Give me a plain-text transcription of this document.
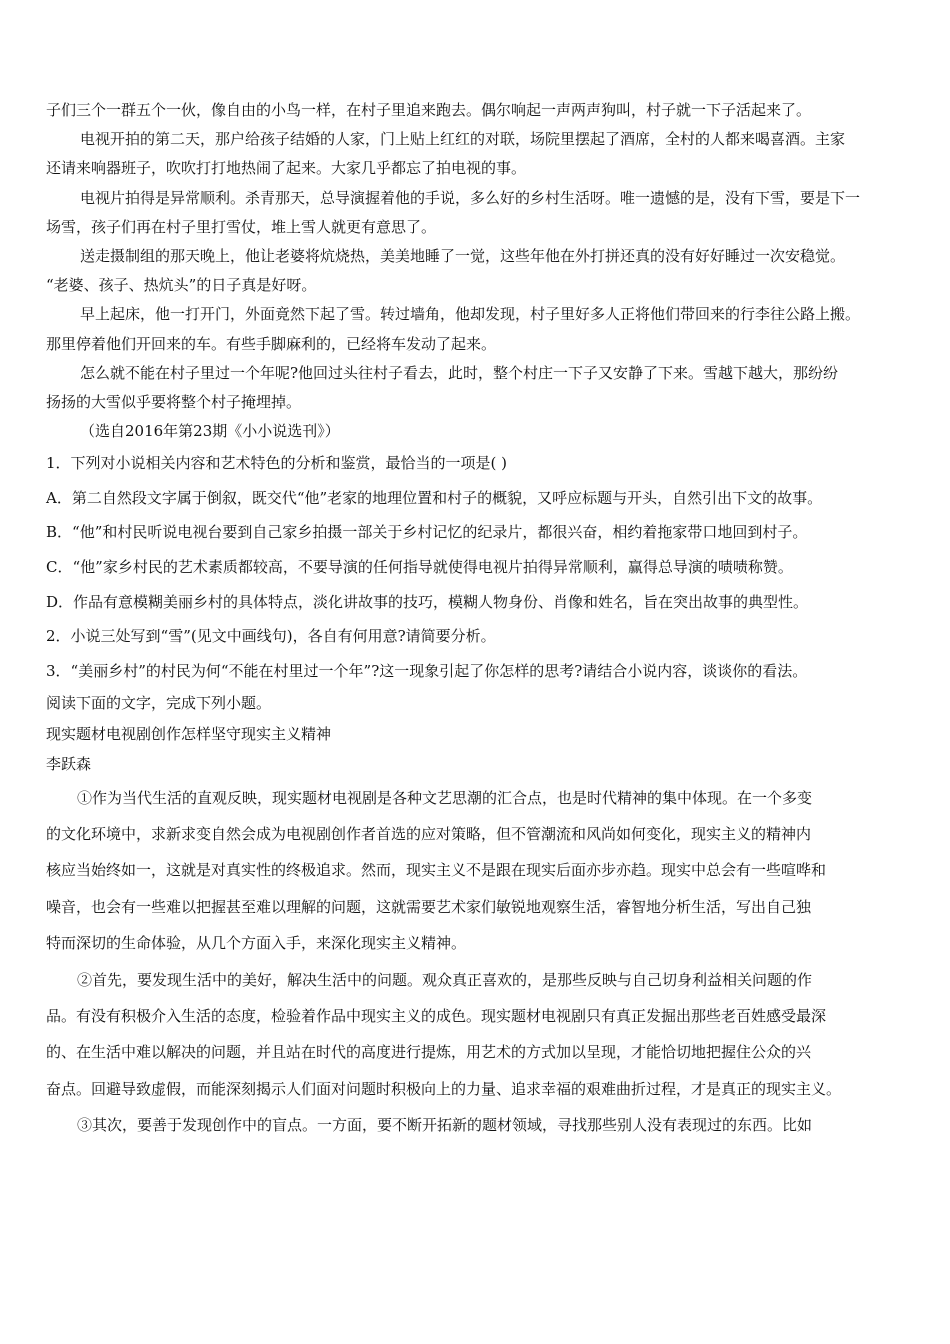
子们三个一群五个一伙，像自由的小鸟一样，在村子里追来跑去。偶尔响起一声两声狗叫，村子就一下子活起来了。
电视开拍的第二天，那户给孩子结婚的人家，门上贴上红红的对联，场院里摆起了酒席，全村的人都来喝喜酒。主家
还请来响器班子，吹吹打打地热闹了起来。大家几乎都忘了拍电视的事。
电视片拍得是异常顺利。杀青那天，总导演握着他的手说，多么好的乡村生活呀。唯一遗憾的是，没有下雪，要是下一
场雪，孩子们再在村子里打雪仗，堆上雪人就更有意思了。
送走摄制组的那天晚上，他让老婆将炕烧热，美美地睡了一觉，这些年他在外打拼还真的没有好好睡过一次安稳觉。
“老婆、孩子、热炕头”的日子真是好呀。
早上起床，他一打开门，外面竟然下起了雪。转过墙角，他却发现，村子里好多人正将他们带回来的行李往公路上搬。
那里停着他们开回来的车。有些手脚麻利的，已经将车发动了起来。
怎么就不能在村子里过一个年呢?他回过头往村子看去，此时，整个村庄一下子又安静了下来。雪越下越大，那纷纷
扬扬的大雪似乎要将整个村子掩埋掉。
（选自2016年第23期《小小说选刊》）
1．下列对小说相关内容和艺术特色的分析和鉴赏，最恰当的一项是( )
A．第二自然段文字属于倒叙，既交代“他”老家的地理位置和村子的概貌，又呼应标题与开头，自然引出下文的故事。
B．“他”和村民听说电视台要到自己家乡拍摄一部关于乡村记忆的纪录片，都很兴奋，相约着拖家带口地回到村子。
C．“他”家乡村民的艺术素质都较高，不要导演的任何指导就使得电视片拍得异常顺利，赢得总导演的啧啧称赞。
D．作品有意模糊美丽乡村的具体特点，淡化讲故事的技巧，模糊人物身份、肖像和姓名，旨在突出故事的典型性。
2．小说三处写到“雪”(见文中画线句)，各自有何用意?请简要分析。
3．“美丽乡村”的村民为何“不能在村里过一个年”?这一现象引起了你怎样的思考?请结合小说内容，谈谈你的看法。
阅读下面的文字，完成下列小题。
现实题材电视剧创作怎样坚守现实主义精神
李跃森
①作为当代生活的直观反映，现实题材电视剧是各种文艺思潮的汇合点，也是时代精神的集中体现。在一个多变
的文化环境中，求新求变自然会成为电视剧创作者首选的应对策略，但不管潮流和风尚如何变化，现实主义的精神内
核应当始终如一，这就是对真实性的终极追求。然而，现实主义不是跟在现实后面亦步亦趋。现实中总会有一些喧哗和
噪音，也会有一些难以把握甚至难以理解的问题，这就需要艺术家们敏锐地观察生活，睿智地分析生活，写出自己独
特而深切的生命体验，从几个方面入手，来深化现实主义精神。
②首先，要发现生活中的美好，解决生活中的问题。观众真正喜欢的，是那些反映与自己切身利益相关问题的作
品。有没有积极介入生活的态度，检验着作品中现实主义的成色。现实题材电视剧只有真正发掘出那些老百姓感受最深
的、在生活中难以解决的问题，并且站在时代的高度进行提炼，用艺术的方式加以呈现，才能恰切地把握住公众的兴
奋点。回避导致虚假，而能深刻揭示人们面对问题时积极向上的力量、追求幸福的艰难曲折过程，才是真正的现实主义。
③其次，要善于发现创作中的盲点。一方面，要不断开拓新的题材领域，寻找那些别人没有表现过的东西。比如
